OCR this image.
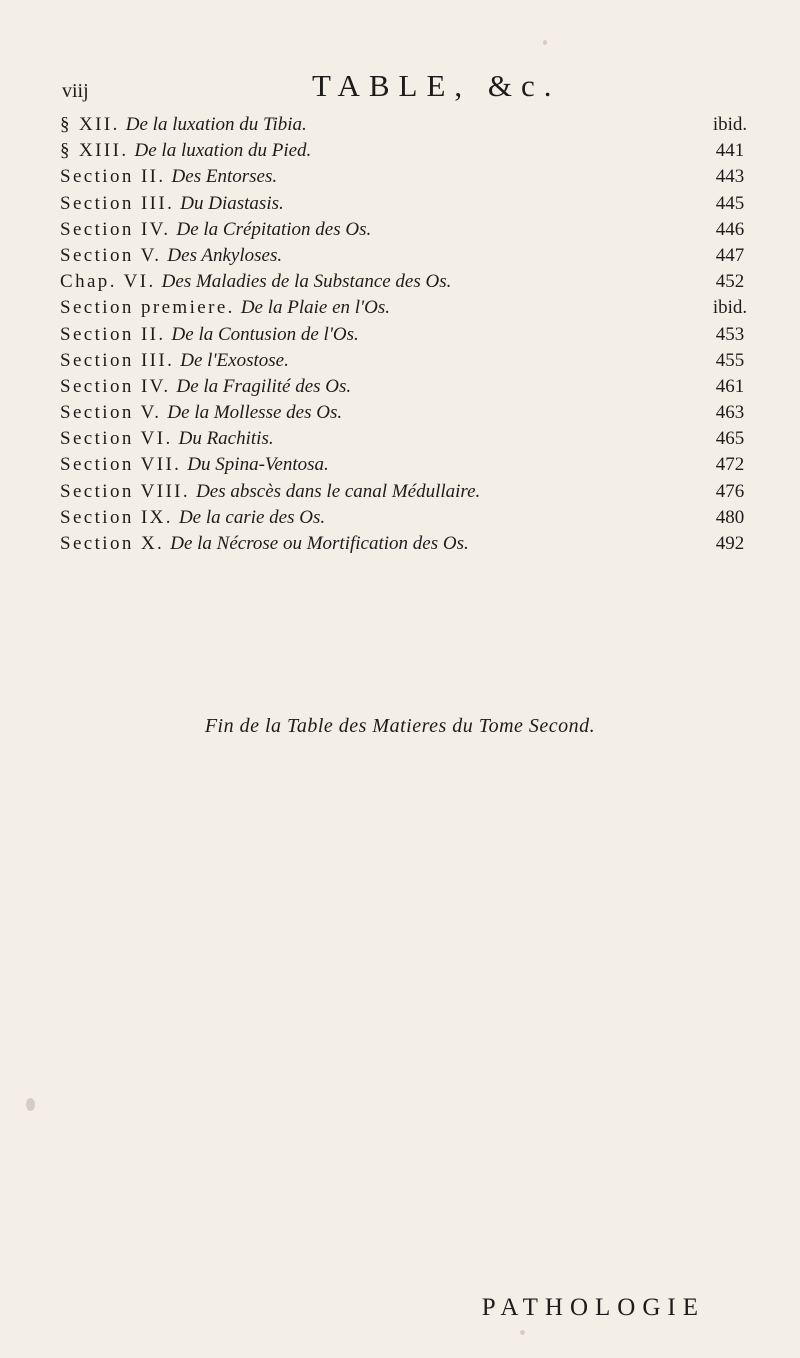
viij	TABLE, &c.
§ XII. De la luxation du Tibia.	ibid.
§ XIII. De la luxation du Pied.	441
Section II. Des Entorses.	443
Section III. Du Diastasis.	445
Section IV. De la Crépitation des Os.	446
Section V. Des Ankyloses.	447
Chap. VI. Des Maladies de la Substance des Os.	452
Section premiere. De la Plaie en l'Os.	ibid.
Section II. De la Contusion de l'Os.	453
Section III. De l'Exostose.	455
Section IV. De la Fragilité des Os.	461
Section V. De la Mollesse des Os.	463
Section VI. Du Rachitis.	465
Section VII. Du Spina-Ventosa.	472
Section VIII. Des abscès dans le canal Médullaire.	476
Section IX. De la carie des Os.	480
Section X. De la Nécrose ou Mortification des Os.	492
Fin de la Table des Matieres du Tome Second.
PATHOLOGIE
